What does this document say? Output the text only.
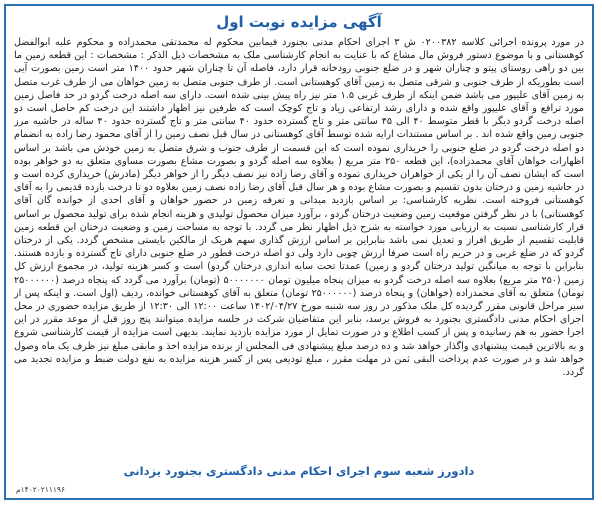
آگهی مزایده نوبت اول
در مورد پرونده اجرائی کلاسه ۰۲۰۰۳۸۲ ش ۳ اجرای احکام مدنی بجنورد فیمابین محکوم له محمدتقی محمدزاده و محکوم علیه ابوالفضل کوهستانی و با موضوع دستور فروش مال مشاع که با عنایت به انجام کارشناسی ملک به مشخصات ذیل الذکر : مشخصات : این قطعه زمین ما بین دو راهی روستای پیتو و چناران شهر و در ضلع جنوبی رودخانه قرار دارد، فاصله آن تا چناران شهر حدود ۱۴۰۰ متر است زمین بصورت آیی است بطوریکه از طرف جنوبی و شرقی متصل به زمین آقای کوهستانی است. از طرف جنوبی متصل به زمین خواهان می از طرف غرب متصل به زمین آقای علیپور می باشد ضمن اینکه از طرف غربی ۱.۵ متر نیز راه پیش بینی شده است. دارای سه اصله درخت گردو در حد فاصل زمین مورد ترافع و آقای علیپور واقع شده و دارای رشد ارتفاعی زیاد و تاج کوچک است که طرفین نیز اظهار داشتند این درخت کم حاصل است دو اصله درخت گردو دیگر با قطر متوسط ۴۰ الی ۴۵ سانتی متر و تاج گسترده حدود ۴۰ سانتی متر و تاج گسترده حدود ۴۰ ساله در حاشیه مرز جنوبی زمین واقع شده اند . بر اساس مستندات ارایه شده توسط آقای کوهستانی در سال قبل نصف زمین را از آقای محمود رضا زاده به انضمام دو اصله درخت گردو در ضلع جنوبی را خریداری نموده است که این قسمت از طرف جنوب و شرق متصل به زمین خودش می باشد بر اساس اظهارات خواهان آقای محمدزاده)، این قطعه ۲۵۰ متر مربع ( بعلاوه سه اصله گردو و بصورت مشاع بصورت مساوی متعلق به دو خواهر بوده است که ایشان نصف آن را از یکی از خواهران خریداری نموده و آقای رضا زاده نیز نصف دیگر را از خواهر دیگر (مادرش) خریداری کرده است و در حاشیه زمین و درختان بدون تقسیم و بصورت مشاع بوده و هر سال قبل آقای رضا زاده نصف زمین بعلاوه دو تا درخت بازده قدیمی را به آقای کوهستانی فروخته است. نظریه کارشناسی: بر اساس بازدید میدانی و تعرفه زمین در حضور خواهان و آقای احدی از خوانده گان آقای کوهستانی) با در نظر گرفتن موقعیت زمین وضعیت درختان گردو ، برآورد میزان محصول تولیدی و هزینه انجام شده برای تولید محصول بر اساس قرار کارشناسی نسبت به ارزیابی مورد خواسته به شرح ذیل اظهار نظر می گردد. با توجه به مساحت زمین و وضعیت درختان این قطعه زمین قابلیت تقسیم از طریق افراز و تعدیل نمی باشد بنابراین بر اساس ارزش گذاری سهم هریک از مالکین بایستی مشخص گردد. یکی از درختان گردو که در ضلع غربی و در حریم راه است صرفا ارزش چوبی دارد ولی دو اصله درخت قطور در ضلع جنوبی دارای تاج گسترده و بازده هستند. بنابراین با توجه به میانگین تولید درختان گردو و زمین) عمدتا تحت سایه اندازی درختان گردو) است و کسر هزینه تولید، در مجموع ارزش کل زمین (۲۵۰ متر مربع) بعلاوه سه اصله درخت گردو به میزان پنجاه میلیون تومان ۵۰۰۰۰۰۰۰ (تومان) برآورد می گردد که پنجاه درصد (۲۵۰۰۰۰۰۰ تومان) متعلق به آقای محمدزاده (خواهان) و پنجاه درصد (۲۵۰۰۰۰۰۰ تومان) متعلق به آقای کوهستانی خوانده، ردیف (اول است. و اینکه پس از سیر مراحل قانونی مقرر گردیده کل ملک مذکور در روز سه شنبه مورخ ۱۴۰۲/۰۴/۲۷ ساعت ۱۲:۰۰ الی ۱۲:۳۰ از طریق مزایده حضوری در محل اجرای احکام مدنی دادگستری بجنورد به فروش برسد، بنابر این متقاضیان شرکت در جلسه مزایده میتوانند پنج روز قبل از موعد مقرر در این اجرا حضور به هم رسانیده و پس از کسب اطلاع و در صورت تمایل از مورد مزایده بازدید نمایند. بدیهی است مزایده از قیمت کارشناسی شروع و به بالاترین قیمت پیشنهادی واگذار خواهد شد و ده درصد مبلغ پیشنهادی فی المجلس از برنده مزایده اخذ و مابقی مبلغ نیز ظرف یک ماه وصول خواهد شد و در صورت عدم پرداخت البقی ثمن در مهلت مقرر ، مبلغ تودیعی پس از کسر هزینه مزایده به نفع دولت ضبط و مزایده تجدید می گردد.
دادورز شعبه سوم اجرای احکام مدنی دادگستری بجنورد یزدانی
۱۴۰۲۰۲۱۱۱۹۶م
